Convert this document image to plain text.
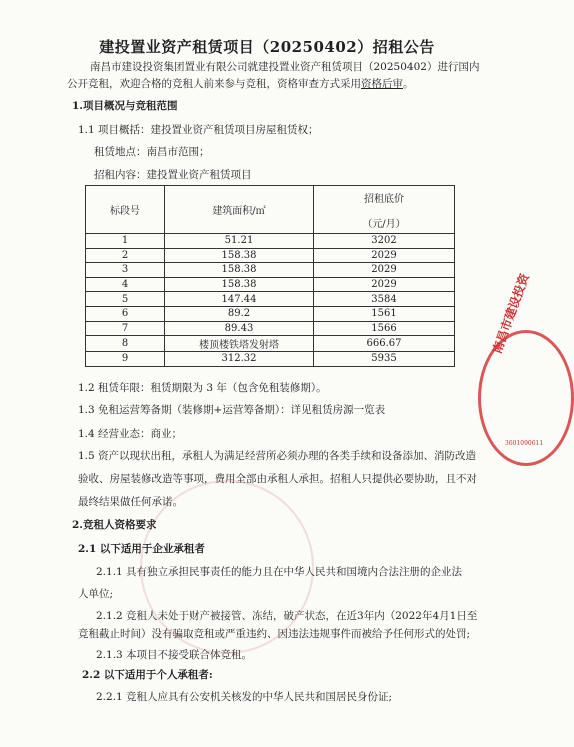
建投置业资产租赁项目（20250402）招租公告
南昌市建设投资集团置业有限公司就建投置业资产租赁项目（20250402）进行国内
公开竞租，欢迎合格的竞租人前来参与竞租，资格审查方式采用资格后审。
1.项目概况与竞租范围
1.1 项目概括：建投置业资产租赁项目房屋租赁权；
租赁地点：南昌市范围；
招租内容：建投置业资产租赁项目
标段号	建筑面积/㎡	招租底价
（元/月）

1	51.21	3202
2	158.38	2029
3	158.38	2029
4	158.38	2029
5	147.44	3584
6	89.2	1561
7	89.43	1566
8	楼顶楼铁塔发射塔	666.67
9	312.32	5935
1.2 租赁年限：租赁期限为 3 年（包含免租装修期）。
1.3 免租运营筹备期（装修期+运营筹备期）：详见租赁房源一览表
1.4 经营业态：商业；
1.5 资产以现状出租，承租人为满足经营所必须办理的各类手续和设备添加、消防改造
验收、房屋装修改造等事项，费用全部由承租人承担。招租人只提供必要协助，且不对
最终结果做任何承诺。
2.竞租人资格要求
2.1 以下适用于企业承租者
2.1.1 具有独立承担民事责任的能力且在中华人民共和国境内合法注册的企业法
人单位;
2.1.2 竞租人未处于财产被接管、冻结，破产状态，在近3年内（2022年4月1日至
竞租截止时间）没有骗取竞租或严重违约、因违法违规事件而被给予任何形式的处罚;
2.1.3 本项目不接受联合体竞租。
2.2 以下适用于个人承租者:
2.2.1 竞租人应具有公安机关核发的中华人民共和国居民身份证;
南昌市建设投资
3601090611
